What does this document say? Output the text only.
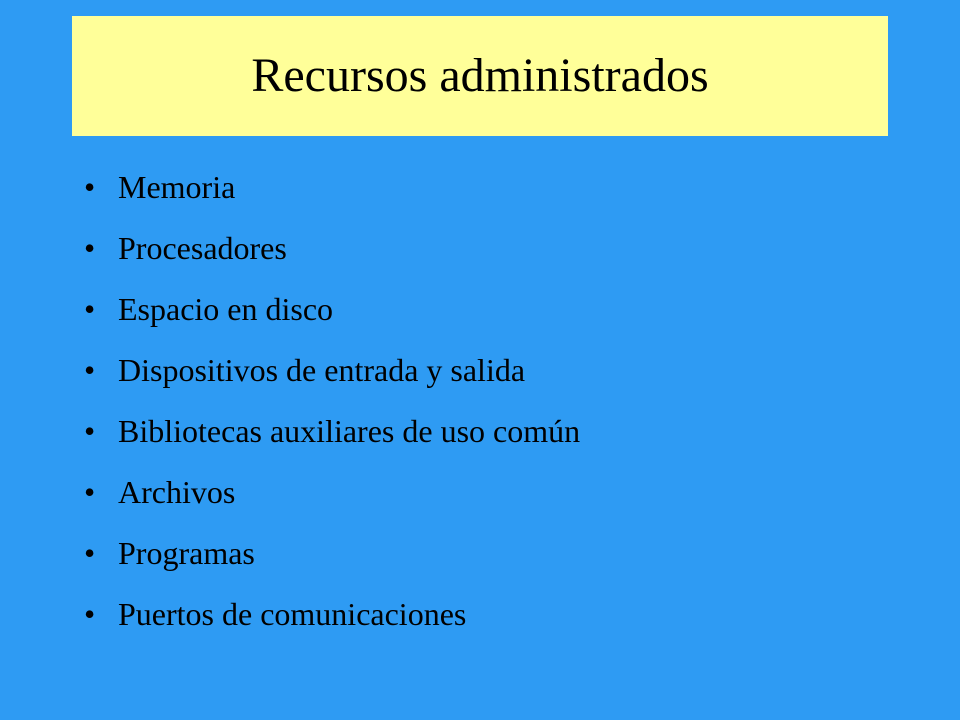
Recursos administrados
• Memoria
• Procesadores
• Espacio en disco
• Dispositivos de entrada y salida
• Bibliotecas auxiliares de uso común
• Archivos
• Programas
• Puertos de comunicaciones
